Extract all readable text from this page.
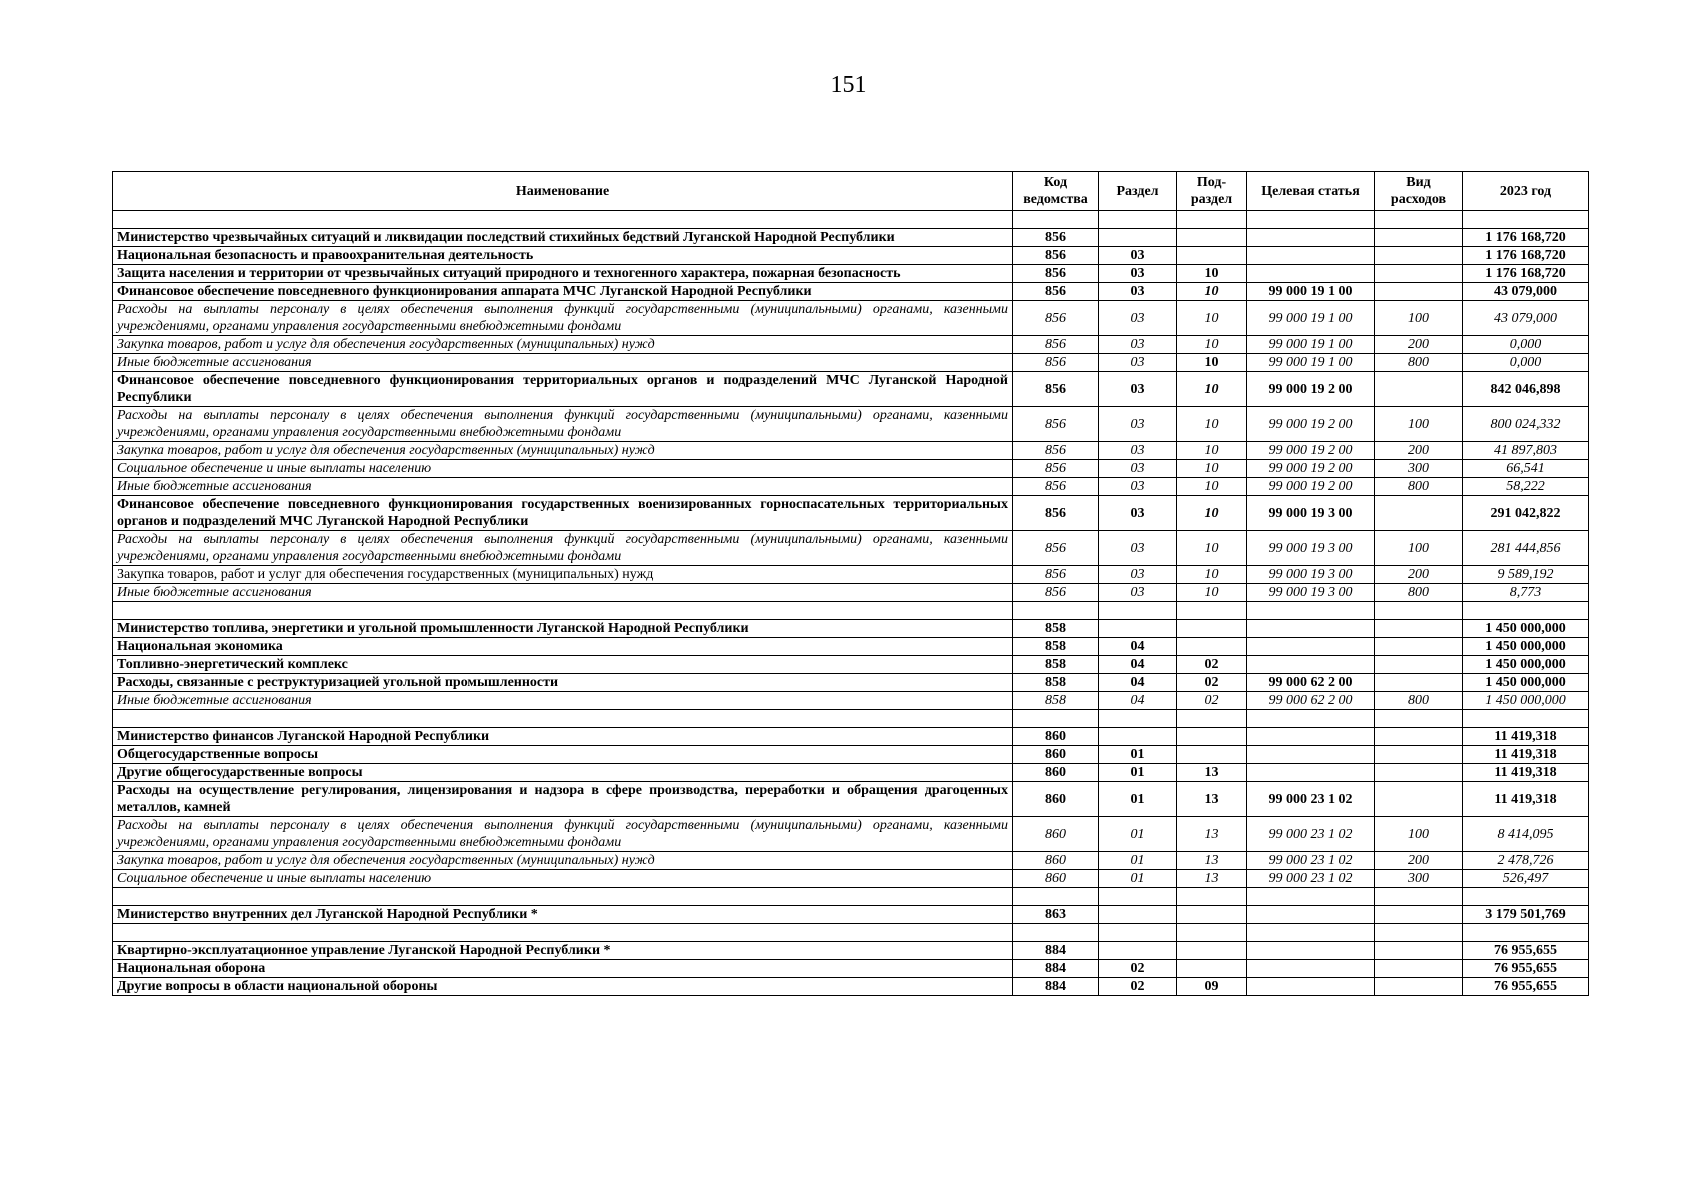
151
Наименование	Код ведомства	Раздел	Под-раздел	Целевая статья	Вид расходов	2023 год

Министерство чрезвычайных ситуаций и ликвидации последствий стихийных бедствий Луганской Народной Республики	856					1 176 168,720
Национальная безопасность и правоохранительная деятельность	856	03				1 176 168,720
Защита населения и территории от чрезвычайных ситуаций природного и техногенного характера, пожарная безопасность	856	03	10			1 176 168,720
Финансовое обеспечение повседневного функционирования аппарата МЧС Луганской Народной Республики	856	03	10	99 000 19 1 00		43 079,000
Расходы на выплаты персоналу в целях обеспечения выполнения функций государственными (муниципальными) органами, казенными учреждениями, органами управления государственными внебюджетными фондами	856	03	10	99 000 19 1 00	100	43 079,000
Закупка товаров, работ и услуг для обеспечения государственных (муниципальных) нужд	856	03	10	99 000 19 1 00	200	0,000
Иные бюджетные ассигнования	856	03	10	99 000 19 1 00	800	0,000
Финансовое обеспечение повседневного функционирования территориальных органов и подразделений МЧС Луганской Народной Республики	856	03	10	99 000 19 2 00		842 046,898
Расходы на выплаты персоналу в целях обеспечения выполнения функций государственными (муниципальными) органами, казенными учреждениями, органами управления государственными внебюджетными фондами	856	03	10	99 000 19 2 00	100	800 024,332
Закупка товаров, работ и услуг для обеспечения государственных (муниципальных) нужд	856	03	10	99 000 19 2 00	200	41 897,803
Социальное обеспечение и иные выплаты населению	856	03	10	99 000 19 2 00	300	66,541
Иные бюджетные ассигнования	856	03	10	99 000 19 2 00	800	58,222
Финансовое обеспечение повседневного функционирования государственных военизированных горноспасательных территориальных органов и подразделений МЧС Луганской Народной Республики	856	03	10	99 000 19 3 00		291 042,822
Расходы на выплаты персоналу в целях обеспечения выполнения функций государственными (муниципальными) органами, казенными учреждениями, органами управления государственными внебюджетными фондами	856	03	10	99 000 19 3 00	100	281 444,856
Закупка товаров, работ и услуг для обеспечения государственных (муниципальных) нужд	856	03	10	99 000 19 3 00	200	9 589,192
Иные бюджетные ассигнования	856	03	10	99 000 19 3 00	800	8,773

Министерство топлива, энергетики и угольной промышленности Луганской Народной Республики	858					1 450 000,000
Национальная экономика	858	04				1 450 000,000
Топливно-энергетический комплекс	858	04	02			1 450 000,000
Расходы, связанные с реструктуризацией угольной промышленности	858	04	02	99 000 62 2 00		1 450 000,000
Иные бюджетные ассигнования	858	04	02	99 000 62 2 00	800	1 450 000,000

Министерство финансов Луганской Народной Республики	860					11 419,318
Общегосударственные вопросы	860	01				11 419,318
Другие общегосударственные вопросы	860	01	13			11 419,318
Расходы на осуществление регулирования, лицензирования и надзора в сфере производства, переработки и обращения драгоценных металлов, камней	860	01	13	99 000 23 1 02		11 419,318
Расходы на выплаты персоналу в целях обеспечения выполнения функций государственными (муниципальными) органами, казенными учреждениями, органами управления государственными внебюджетными фондами	860	01	13	99 000 23 1 02	100	8 414,095
Закупка товаров, работ и услуг для обеспечения государственных (муниципальных) нужд	860	01	13	99 000 23 1 02	200	2 478,726
Социальное обеспечение и иные выплаты населению	860	01	13	99 000 23 1 02	300	526,497

Министерство внутренних дел Луганской Народной Республики *	863					3 179 501,769

Квартирно-эксплуатационное управление Луганской Народной Республики *	884					76 955,655
Национальная оборона	884	02				76 955,655
Другие вопросы в области национальной обороны	884	02	09			76 955,655
